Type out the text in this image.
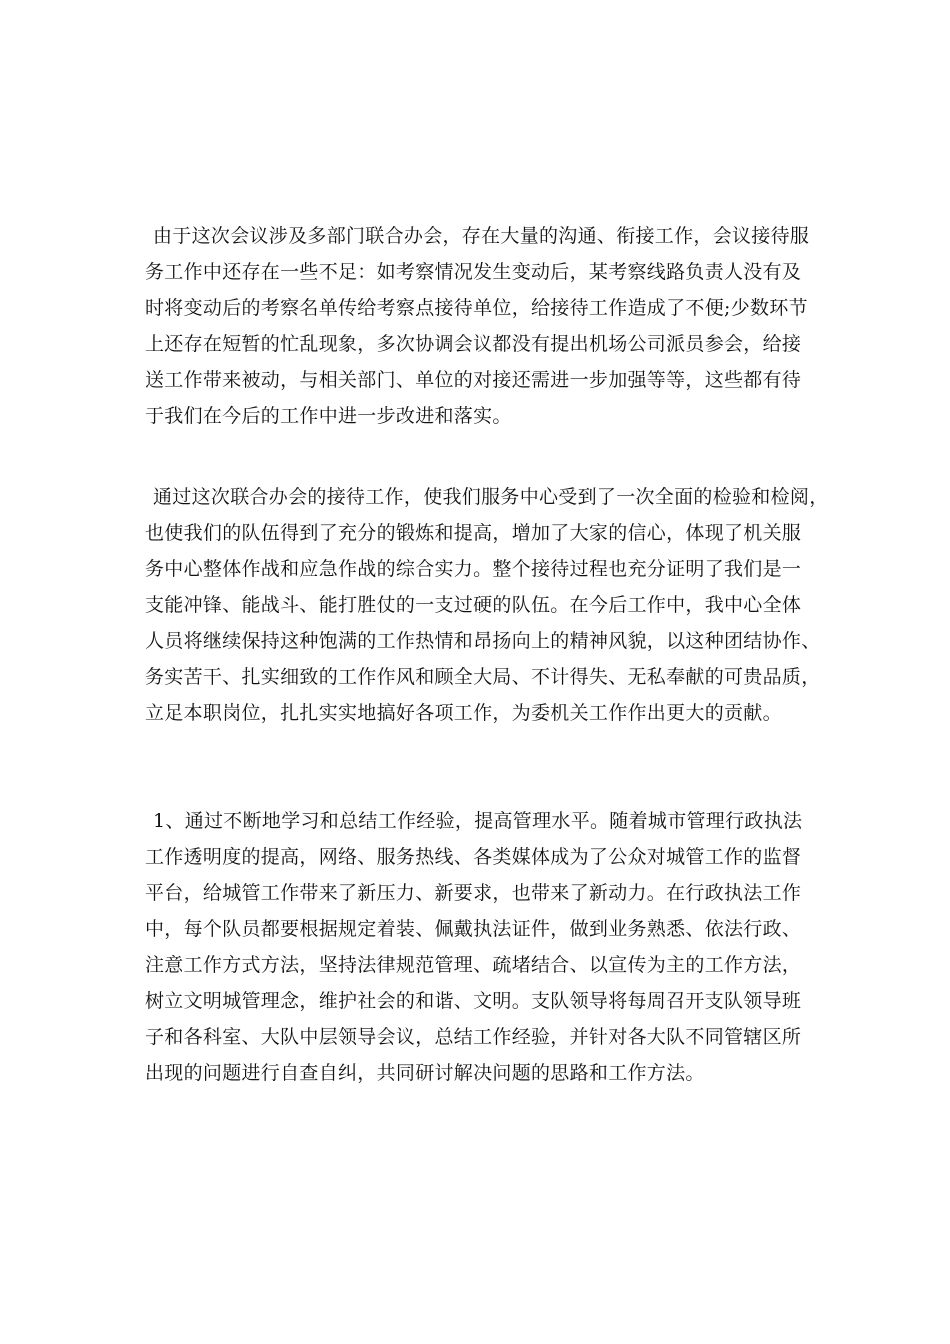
由于这次会议涉及多部门联合办会，存在大量的沟通、衔接工作，会议接待服
务工作中还存在一些不足：如考察情况发生变动后，某考察线路负责人没有及
时将变动后的考察名单传给考察点接待单位，给接待工作造成了不便;少数环节
上还存在短暂的忙乱现象，多次协调会议都没有提出机场公司派员参会，给接
送工作带来被动，与相关部门、单位的对接还需进一步加强等等，这些都有待
于我们在今后的工作中进一步改进和落实。
通过这次联合办会的接待工作，使我们服务中心受到了一次全面的检验和检阅，
也使我们的队伍得到了充分的锻炼和提高，增加了大家的信心，体现了机关服
务中心整体作战和应急作战的综合实力。整个接待过程也充分证明了我们是一
支能冲锋、能战斗、能打胜仗的一支过硬的队伍。在今后工作中，我中心全体
人员将继续保持这种饱满的工作热情和昂扬向上的精神风貌，以这种团结协作、
务实苦干、扎实细致的工作作风和顾全大局、不计得失、无私奉献的可贵品质，
立足本职岗位，扎扎实实地搞好各项工作，为委机关工作作出更大的贡献。
1、通过不断地学习和总结工作经验，提高管理水平。随着城市管理行政执法
工作透明度的提高，网络、服务热线、各类媒体成为了公众对城管工作的监督
平台，给城管工作带来了新压力、新要求，也带来了新动力。在行政执法工作
中，每个队员都要根据规定着装、佩戴执法证件，做到业务熟悉、依法行政、
注意工作方式方法，坚持法律规范管理、疏堵结合、以宣传为主的工作方法，
树立文明城管理念，维护社会的和谐、文明。支队领导将每周召开支队领导班
子和各科室、大队中层领导会议，总结工作经验，并针对各大队不同管辖区所
出现的问题进行自查自纠，共同研讨解决问题的思路和工作方法。
